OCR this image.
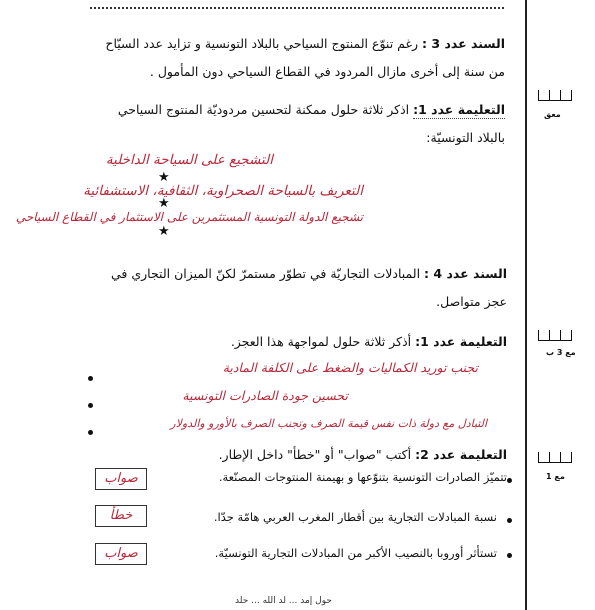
السند عدد 3 : رغم تنوّع المنتوج السياحي بالبلاد التونسية و تزايد عدد السيّاح
من سنة إلى أخرى مازال المردود في القطاع السياحي دون المأمول .
معق
التعليمة عدد 1: اذكر ثلاثة حلول ممكنة لتحسين مردوديّة المنتوج السياحي
بالبلاد التونسيّة:
★
★
★
التشجيع على السياحة الداخلية
التعريف بالسياحة الصحراوية، الثقافية، الاستشفائية
تشجيع الدولة التونسية المستثمرين على الاستثمار في القطاع السياحي
السند عدد 4 : المبادلات التجاريّة في تطوّر مستمرّ لكنّ الميزان التجاري في
عجز متواصل.
مع 3 ب
التعليمة عدد 1: أذكر ثلاثة حلول لمواجهة هذا العجز.
تجنب توريد الكماليات والضغط على الكلفة المادية
تحسين جودة الصادرات التونسية
التبادل مع دولة ذات نفس قيمة الصرف وتجنب الصرف بالأورو والدولار
مع 1
التعليمة عدد 2: أكتب "صواب" أو "خطأ" داخل الإطار.
صواب	تتميّز الصادرات التونسية بتنوّعها و بهيمنة المنتوجات المصنّعة.
خطأ	نسبة المبادلات التجارية بين أقطار المغرب العربي هامّة جدّا.
صواب	تستأثر أوروبا بالنصيب الأكبر من المبادلات التجارية التونسيّة.
حول إمد ... لد الله ... حلد
